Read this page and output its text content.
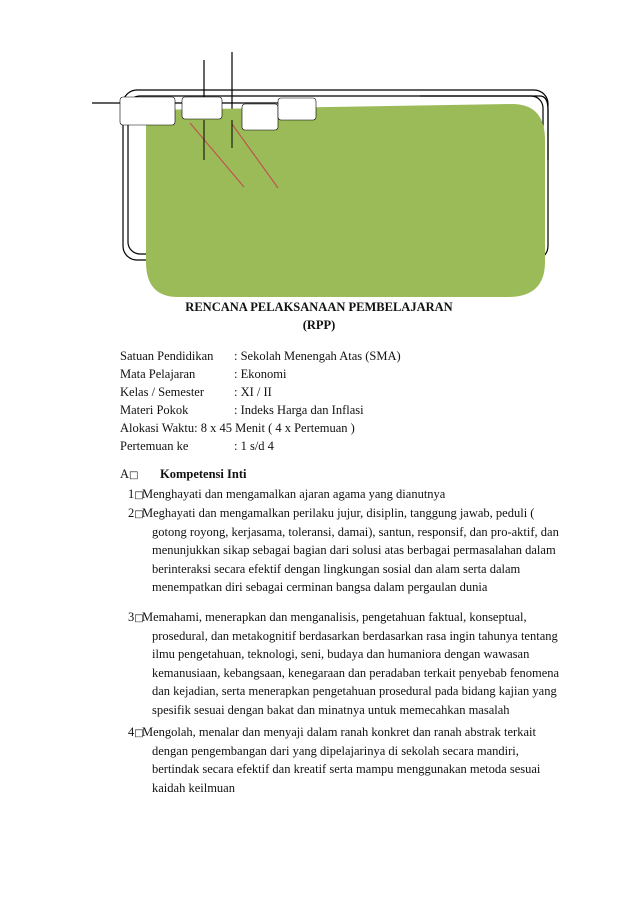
RENCANA PELAKSANAAN PEMBELAJARAN
(RPP)
Satuan Pendidikan : Sekolah Menengah Atas (SMA)
Mata Pelajaran	: Ekonomi
Kelas / Semester : XI / II
Materi Pokok	: Indeks Harga dan Inflasi
Alokasi Waktu: 8 x 45 Menit ( 4 x Pertemuan )
Pertemuan ke	: 1 s/d 4
A□ Kompetensi Inti
1□
Menghayati dan mengamalkan ajaran agama yang dianutnya
2□
Meghayati dan mengamalkan perilaku jujur, disiplin, tanggung jawab, peduli ( gotong royong, kerjasama, toleransi, damai), santun, responsif, dan pro-aktif, dan menunjukkan sikap sebagai bagian dari solusi atas berbagai permasalahan dalam berinteraksi secara efektif dengan lingkungan sosial dan alam serta dalam menempatkan diri sebagai cerminan bangsa dalam pergaulan dunia
3□
Memahami, menerapkan dan menganalisis, pengetahuan faktual, konseptual, prosedural, dan metakognitif berdasarkan berdasarkan rasa ingin tahunya tentang ilmu pengetahuan, teknologi, seni, budaya dan humaniora dengan wawasan kemanusiaan, kebangsaan, kenegaraan dan peradaban terkait penyebab fenomena dan kejadian, serta menerapkan pengetahuan prosedural pada bidang kajian yang spesifik sesuai dengan bakat dan minatnya untuk memecahkan masalah
4□
Mengolah, menalar dan menyaji dalam ranah konkret dan ranah abstrak terkait dengan pengembangan dari yang dipelajarinya di sekolah secara mandiri, bertindak secara efektif dan kreatif serta mampu menggunakan metoda sesuai kaidah keilmuan
